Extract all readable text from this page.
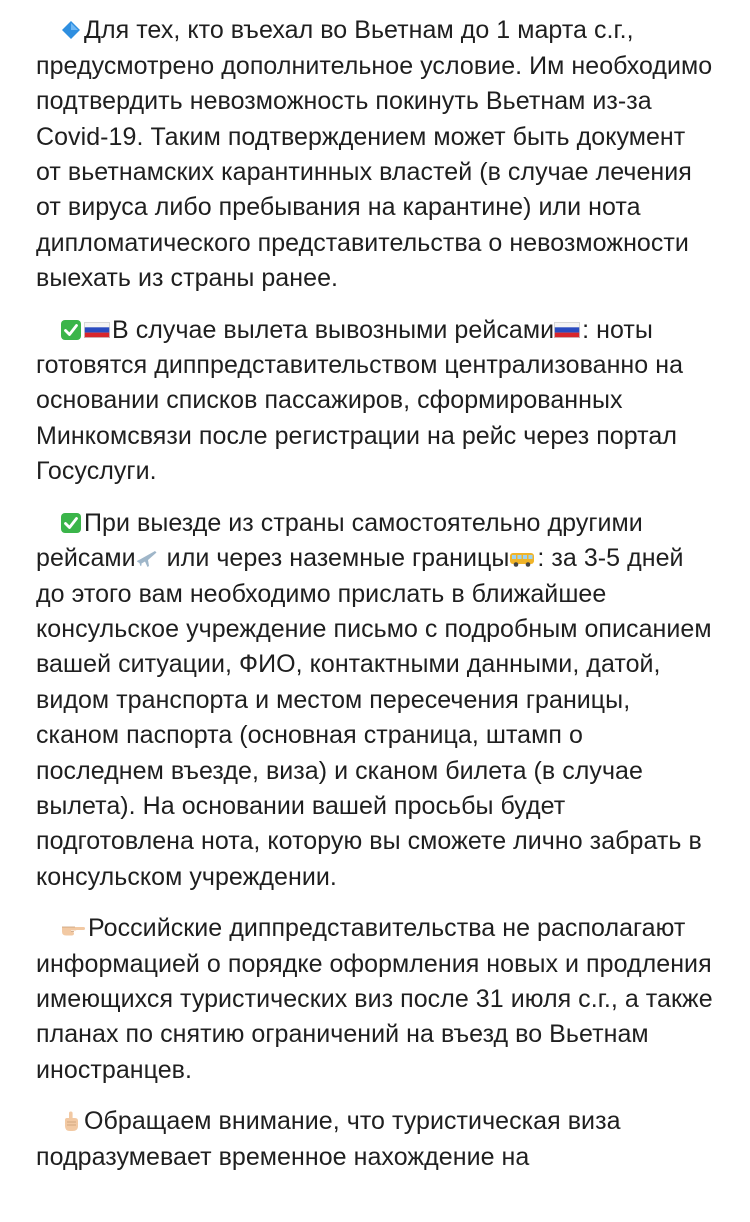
Для тех, кто въехал во Вьетнам до 1 марта с.г., предусмотрено дополнительное условие. Им необходимо подтвердить невозможность покинуть Вьетнам из-за Covid-19. Таким подтверждением может быть документ от вьетнамских карантинных властей (в случае лечения от вируса либо пребывания на карантине) или нота дипломатического представительства о невозможности выехать из страны ранее.

В случае вылета вывозными рейсами : ноты готовятся диппредставительством централизованно на основании списков пассажиров, сформированных Минкомсвязи после регистрации на рейс через портал Госуслуги.

При выезде из страны самостоятельно другими рейсами
или через наземные границы : за 3-5 дней до этого вам необходимо прислать в ближайшее консульское учреждение письмо с подробным описанием вашей ситуации, ФИО, контактными данными, датой, видом транспорта и местом пересечения границы, сканом паспорта (основная страница, штамп о последнем въезде, виза) и сканом билета (в случае вылета). На основании вашей просьбы будет подготовлена нота, которую вы сможете лично забрать в консульском учреждении.

Российские диппредставительства не располагают информацией о порядке оформления новых и продления имеющихся туристических виз после 31 июля с.г., а также планах по снятию ограничений на въезд во Вьетнам иностранцев.

Обращаем внимание, что туристическая виза подразумевает временное нахождение на
